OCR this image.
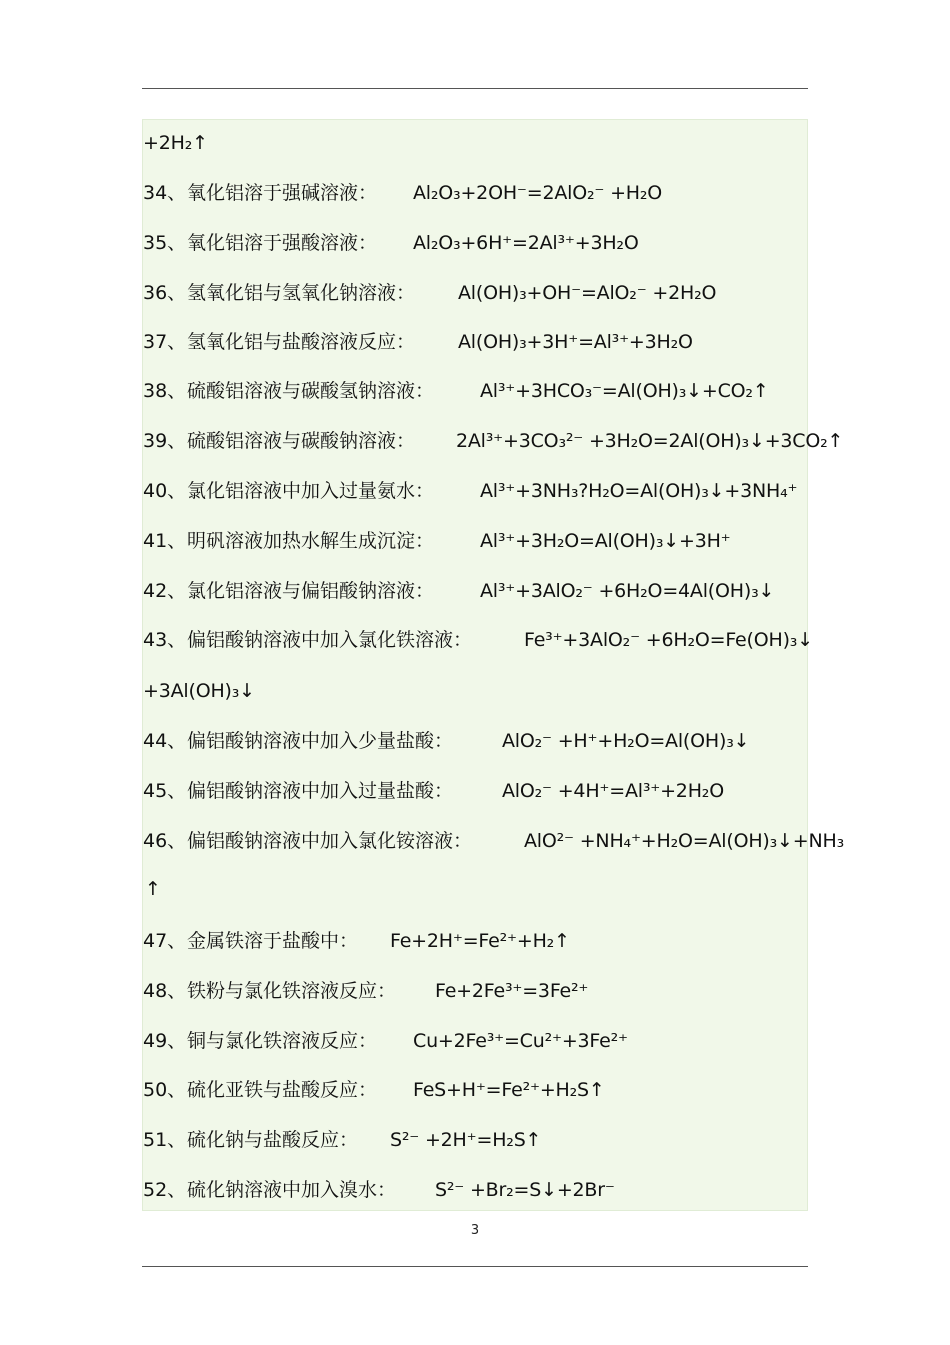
+2H₂↑
34、氧化铝溶于强碱溶液： Al₂O₃+2OH⁻=2AlO₂⁻ +H₂O
35、氧化铝溶于强酸溶液： Al₂O₃+6H⁺=2Al³⁺+3H₂O
36、氢氧化铝与氢氧化钠溶液： Al(OH)₃+OH⁻=AlO₂⁻ +2H₂O
37、氢氧化铝与盐酸溶液反应： Al(OH)₃+3H⁺=Al³⁺+3H₂O
38、硫酸铝溶液与碳酸氢钠溶液： Al³⁺+3HCO₃⁻=Al(OH)₃↓+CO₂↑
39、硫酸铝溶液与碳酸钠溶液： 2Al³⁺+3CO₃²⁻ +3H₂O=2Al(OH)₃↓+3CO₂↑
40、氯化铝溶液中加入过量氨水： Al³⁺+3NH₃?H₂O=Al(OH)₃↓+3NH₄⁺
41、明矾溶液加热水解生成沉淀： Al³⁺+3H₂O=Al(OH)₃↓+3H⁺
42、氯化铝溶液与偏铝酸钠溶液： Al³⁺+3AlO₂⁻ +6H₂O=4Al(OH)₃↓
43、偏铝酸钠溶液中加入氯化铁溶液：	Fe³⁺+3AlO₂⁻ +6H₂O=Fe(OH)₃↓
+3Al(OH)₃↓
44、偏铝酸钠溶液中加入少量盐酸：	AlO₂⁻ +H⁺+H₂O=Al(OH)₃↓
45、偏铝酸钠溶液中加入过量盐酸：	AlO₂⁻ +4H⁺=Al³⁺+2H₂O
46、偏铝酸钠溶液中加入氯化铵溶液：	AlO²⁻ +NH₄⁺+H₂O=Al(OH)₃↓+NH₃
↑
47、金属铁溶于盐酸中： Fe+2H⁺=Fe²⁺+H₂↑
48、铁粉与氯化铁溶液反应： Fe+2Fe³⁺=3Fe²⁺
49、铜与氯化铁溶液反应： Cu+2Fe³⁺=Cu²⁺+3Fe²⁺
50、硫化亚铁与盐酸反应： FeS+H⁺=Fe²⁺+H₂S↑
51、硫化钠与盐酸反应： S²⁻ +2H⁺=H₂S↑
52、硫化钠溶液中加入溴水： S²⁻ +Br₂=S↓+2Br⁻
3
